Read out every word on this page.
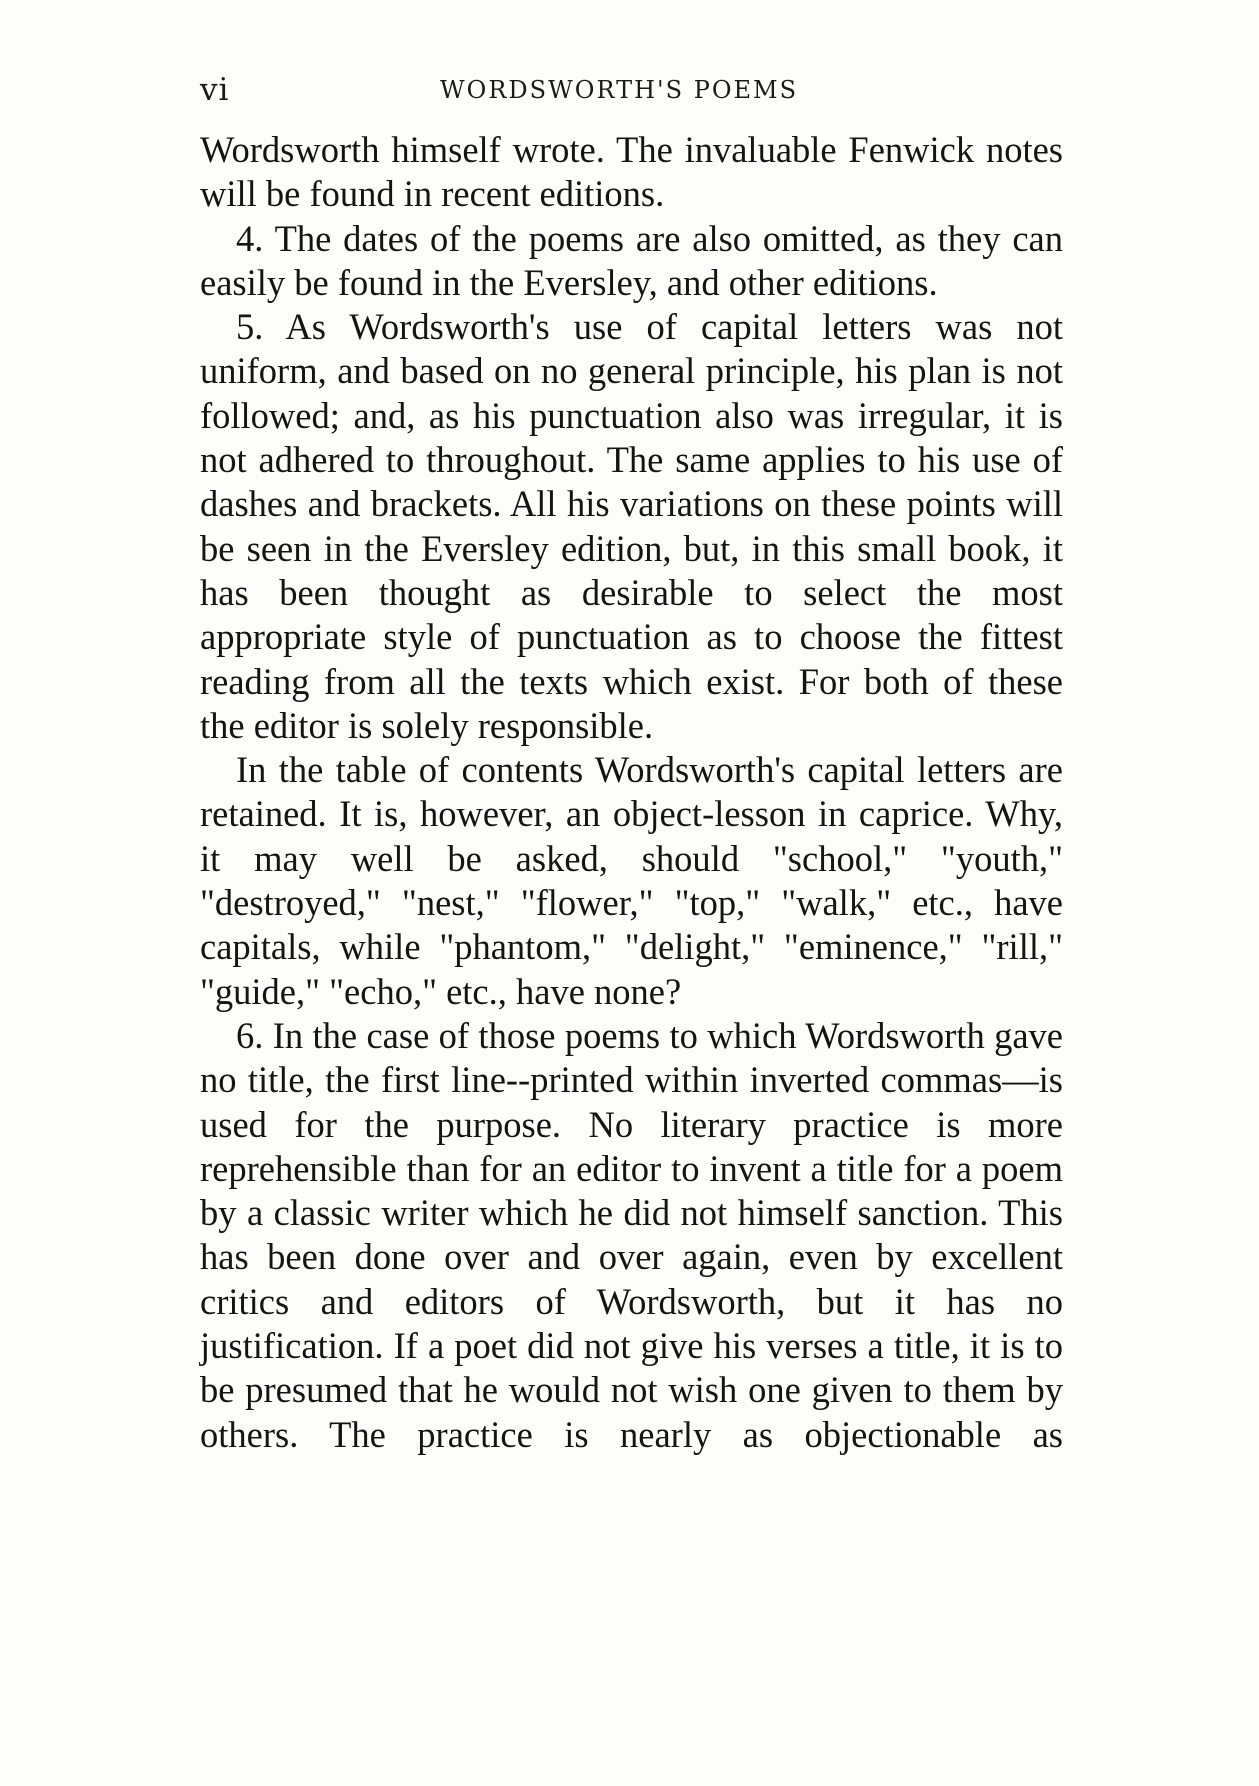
vi	WORDSWORTH'S POEMS

Wordsworth himself wrote. The invaluable Fenwick notes will be found in recent editions.

4. The dates of the poems are also omitted, as they can easily be found in the Eversley, and other editions.

5. As Wordsworth's use of capital letters was not uniform, and based on no general principle, his plan is not followed; and, as his punctuation also was irregular, it is not adhered to throughout. The same applies to his use of dashes and brackets. All his variations on these points will be seen in the Eversley edition, but, in this small book, it has been thought as desirable to select the most appropriate style of punctuation as to choose the fittest reading from all the texts which exist. For both of these the editor is solely responsible.

In the table of contents Wordsworth's capital letters are retained. It is, however, an object-lesson in caprice. Why, it may well be asked, should "school," "youth," "destroyed," "nest," "flower," "top," "walk," etc., have capitals, while "phantom," "delight," "eminence," "rill," "guide," "echo," etc., have none?

6. In the case of those poems to which Wordsworth gave no title, the first line--printed within inverted commas—is used for the purpose. No literary practice is more reprehensible than for an editor to invent a title for a poem by a classic writer which he did not himself sanction. This has been done over and over again, even by excellent critics and editors of Wordsworth, but it has no justification. If a poet did not give his verses a title, it is to be presumed that he would not wish one given to them by others. The practice is nearly as objectionable as
